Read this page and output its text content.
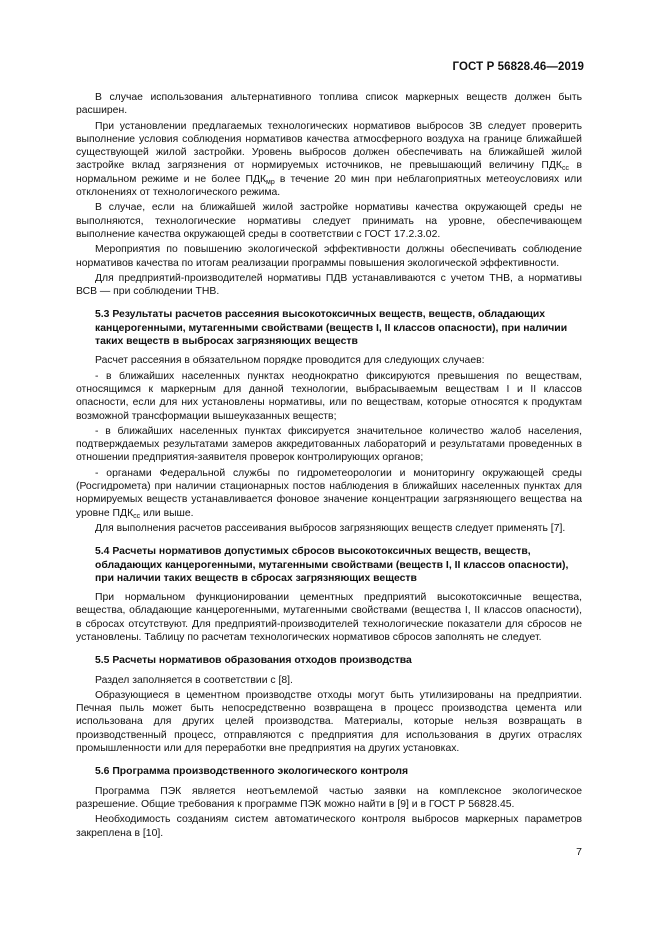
ГОСТ Р 56828.46—2019

В случае использования альтернативного топлива список маркерных веществ должен быть расширен.

При установлении предлагаемых технологических нормативов выбросов ЗВ следует проверить выполнение условия соблюдения нормативов качества атмосферного воздуха на границе ближайшей существующей жилой застройки. Уровень выбросов должен обеспечивать на ближайшей жилой застройке вклад загрязнения от нормируемых источников, не превышающий величину $ПДК_{сс}$ в нормальном режиме и не более $ПДК_{мр}$ в течение 20 мин при неблагоприятных метеоусловиях или отклонениях от технологического режима.

В случае, если на ближайшей жилой застройке нормативы качества окружающей среды не выполняются, технологические нормативы следует принимать на уровне, обеспечивающем выполнение качества окружающей среды в соответствии с ГОСТ 17.2.3.02.

Мероприятия по повышению экологической эффективности должны обеспечивать соблюдение нормативов качества по итогам реализации программы повышения экологической эффективности.

Для предприятий-производителей нормативы ПДВ устанавливаются с учетом ТНВ, а нормативы ВСВ — при соблюдении ТНВ.

5.3 Результаты расчетов рассеяния высокотоксичных веществ, веществ, обладающих канцерогенными, мутагенными свойствами (веществ I, II классов опасности), при наличии таких веществ в выбросах загрязняющих веществ

Расчет рассеяния в обязательном порядке проводится для следующих случаев:

- в ближайших населенных пунктах неоднократно фиксируются превышения по веществам, относящимся к маркерным для данной технологии, выбрасываемым веществам I и II классов опасности, если для них установлены нормативы, или по веществам, которые относятся к продуктам возможной трансформации вышеуказанных веществ;

- в ближайших населенных пунктах фиксируется значительное количество жалоб населения, подтверждаемых результатами замеров аккредитованных лабораторий и результатами проведенных в отношении предприятия-заявителя проверок контролирующих органов;

- органами Федеральной службы по гидрометеорологии и мониторингу окружающей среды (Росгидромета) при наличии стационарных постов наблюдения в ближайших населенных пунктах для нормируемых веществ устанавливается фоновое значение концентрации загрязняющего вещества на уровне $ПДК_{сс}$ или выше.

Для выполнения расчетов рассеивания выбросов загрязняющих веществ следует применять [7].

5.4 Расчеты нормативов допустимых сбросов высокотоксичных веществ, веществ, обладающих канцерогенными, мутагенными свойствами (веществ I, II классов опасности), при наличии таких веществ в сбросах загрязняющих веществ

При нормальном функционировании цементных предприятий высокотоксичные вещества, вещества, обладающие канцерогенными, мутагенными свойствами (вещества I, II классов опасности), в сбросах отсутствуют. Для предприятий-производителей технологические показатели для сбросов не установлены. Таблицу по расчетам технологических нормативов сбросов заполнять не следует.

5.5 Расчеты нормативов образования отходов производства

Раздел заполняется в соответствии с [8].

Образующиеся в цементном производстве отходы могут быть утилизированы на предприятии. Печная пыль может быть непосредственно возвращена в процесс производства цемента или использована для других целей производства. Материалы, которые нельзя возвращать в производственный процесс, отправляются с предприятия для использования в других отраслях промышленности или для переработки вне предприятия на других установках.

5.6 Программа производственного экологического контроля

Программа ПЭК является неотъемлемой частью заявки на комплексное экологическое разрешение. Общие требования к программе ПЭК можно найти в [9] и в ГОСТ Р 56828.45.

Необходимость созданиям систем автоматического контроля выбросов маркерных параметров закреплена в [10].

7
